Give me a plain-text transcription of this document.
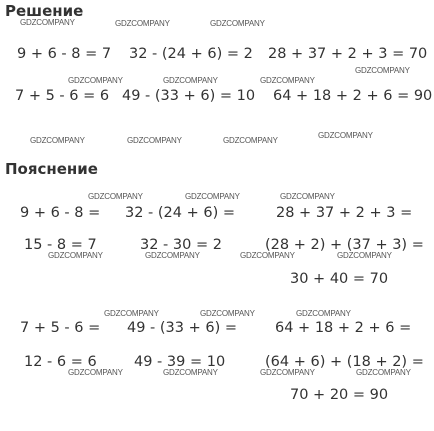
Решение
9 + 6 - 8 = 7 32 - (24 + 6) = 2 28 + 37 + 2 + 3 = 70
7 + 5 - 6 = 6 49 - (33 + 6) = 10 64 + 18 + 2 + 6 = 90
Пояснение
9 + 6 - 8 = 32 - (24 + 6) =	28 + 37 + 2 + 3 =
15 - 8 = 7	32 - 30 = 2	(28 + 2) + (37 + 3) =
30 + 40 = 70
7 + 5 - 6 = 49 - (33 + 6) =	64 + 18 + 2 + 6 =
12 - 6 = 6	49 - 39 = 10	(64 + 6) + (18 + 2) =
70 + 20 = 90
GDZCOMPANY	GDZCOMPANY	GDZCOMPANY
GDZCOMPANY
GDZCOMPANY	GDZCOMPANY	GDZCOMPANY
GDZCOMPANY	GDZCOMPANY	GDZCOMPANY
GDZCOMPANY
GDZCOMPANY	GDZCOMPANY	GDZCOMPANY
GDZCOMPANY	GDZCOMPANY	GDZCOMPANY	GDZCOMPANY
GDZCOMPANY	GDZCOMPANY	GDZCOMPANY
GDZCOMPANY	GDZCOMPANY	GDZCOMPANY	GDZCOMPANY
